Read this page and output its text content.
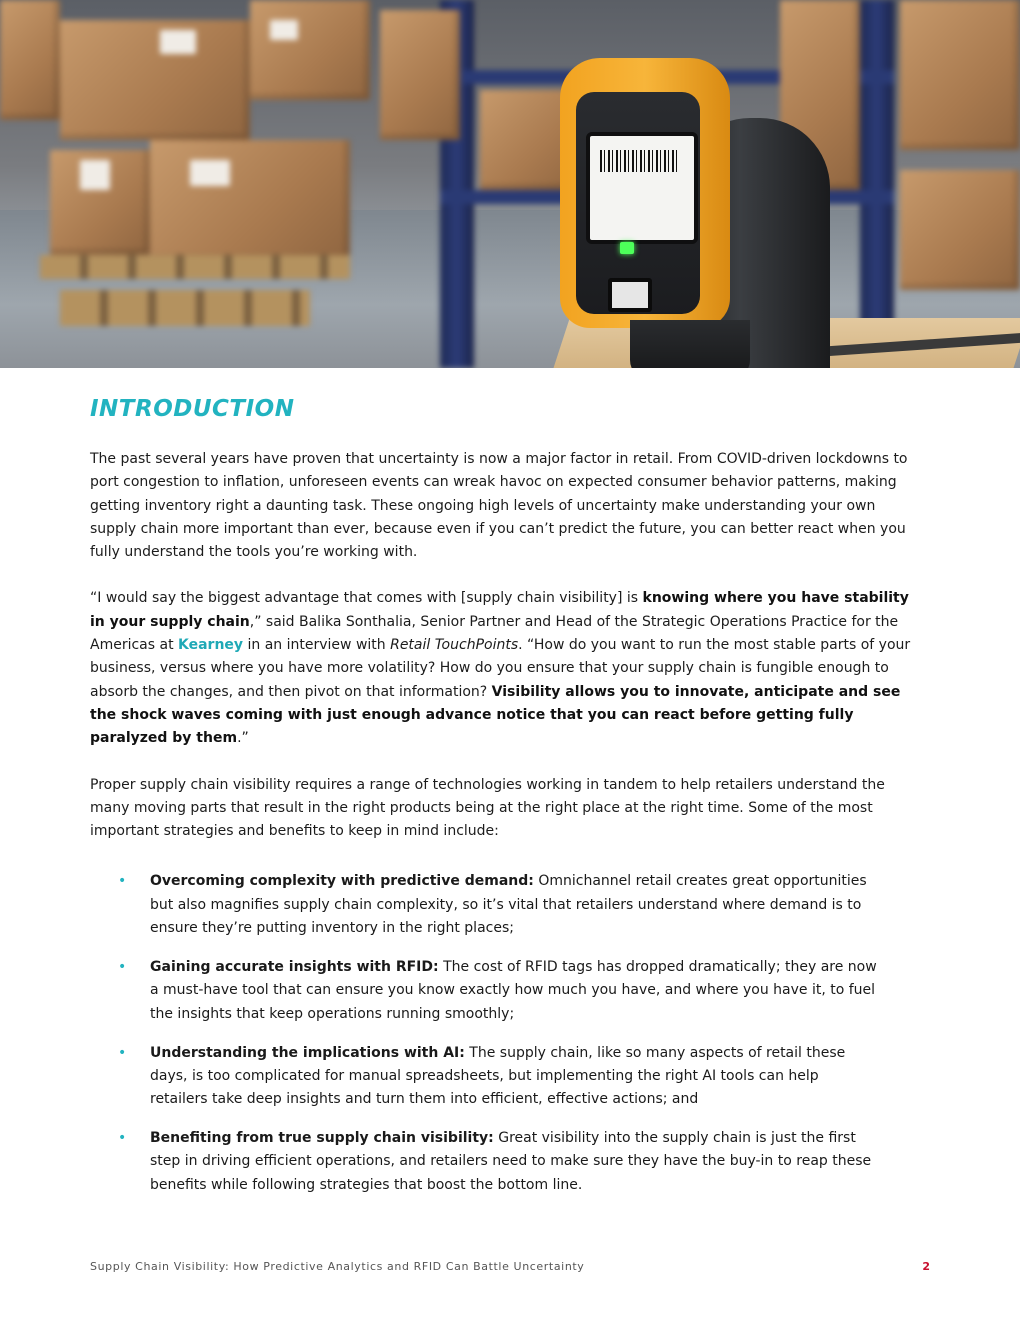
INTRODUCTION

The past several years have proven that uncertainty is now a major factor in retail. From COVID-driven lockdowns to port congestion to inflation, unforeseen events can wreak havoc on expected consumer behavior patterns, making getting inventory right a daunting task. These ongoing high levels of uncertainty make understanding your own supply chain more important than ever, because even if you can’t predict the future, you can better react when you fully understand the tools you’re working with.

“I would say the biggest advantage that comes with [supply chain visibility] is knowing where you have stability in your supply chain,” said Balika Sonthalia, Senior Partner and Head of the Strategic Operations Practice for the Americas at Kearney in an interview with Retail TouchPoints. “How do you want to run the most stable parts of your business, versus where you have more volatility? How do you ensure that your supply chain is fungible enough to absorb the changes, and then pivot on that information? Visibility allows you to innovate, anticipate and see the shock waves coming with just enough advance notice that you can react before getting fully paralyzed by them.”

Proper supply chain visibility requires a range of technologies working in tandem to help retailers understand the many moving parts that result in the right products being at the right place at the right time. Some of the most important strategies and benefits to keep in mind include:

• Overcoming complexity with predictive demand: Omnichannel retail creates great opportunities but also magnifies supply chain complexity, so it’s vital that retailers understand where demand is to ensure they’re putting inventory in the right places;
• Gaining accurate insights with RFID: The cost of RFID tags has dropped dramatically; they are now a must-have tool that can ensure you know exactly how much you have, and where you have it, to fuel the insights that keep operations running smoothly;
• Understanding the implications with AI: The supply chain, like so many aspects of retail these days, is too complicated for manual spreadsheets, but implementing the right AI tools can help retailers take deep insights and turn them into efficient, effective actions; and
• Benefiting from true supply chain visibility: Great visibility into the supply chain is just the first step in driving efficient operations, and retailers need to make sure they have the buy-in to reap these benefits while following strategies that boost the bottom line.
Supply Chain Visibility: How Predictive Analytics and RFID Can Battle Uncertainty	2
